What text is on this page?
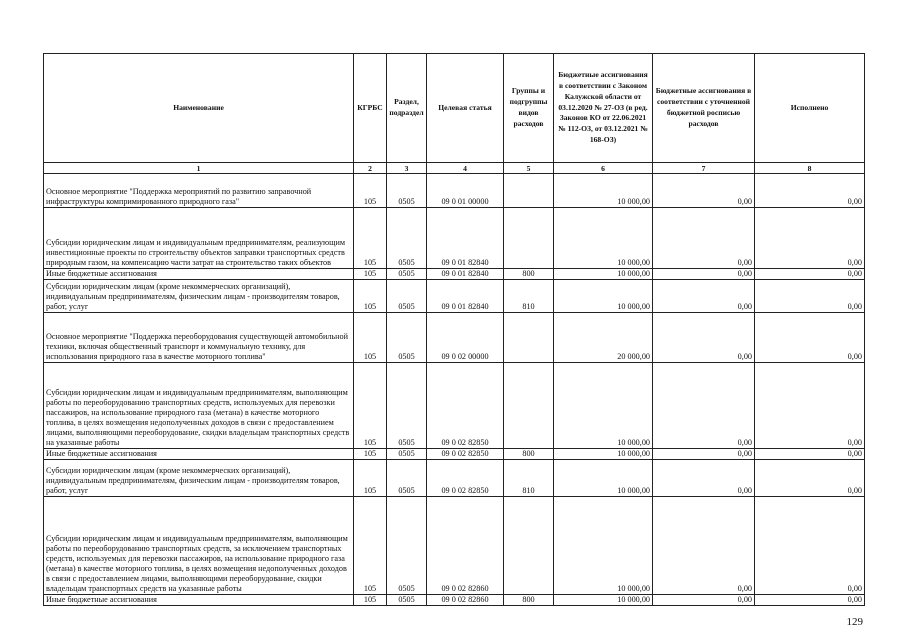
Наименование	КГРБС	Раздел, подраздел	Целевая статья	Группы и подгруппы видов расходов	Бюджетные ассигнования в соответствии с Законом Калужской области от 03.12.2020 № 27-ОЗ (в ред. Законов КО от 22.06.2021 № 112-ОЗ, от 03.12.2021 № 168-ОЗ)	Бюджетные ассигнования в соответствии с уточненной бюджетной росписью расходов	Исполнено
1	2	3	4	5	6	7	8
Основное мероприятие "Поддержка мероприятий по развитию заправочной инфраструктуры компримированного природного газа"	105	0505	09 0 01 00000		10 000,00	0,00	0,00
Субсидии юридическим лицам и индивидуальным предпринимателям, реализующим инвестиционные проекты по строительству объектов заправки транспортных средств природным газом, на компенсацию части затрат на строительство таких объектов	105	0505	09 0 01 82840		10 000,00	0,00	0,00
Иные бюджетные ассигнования	105	0505	09 0 01 82840	800	10 000,00	0,00	0,00
Субсидии юридическим лицам (кроме некоммерческих организаций), индивидуальным предпринимателям, физическим лицам - производителям товаров, работ, услуг	105	0505	09 0 01 82840	810	10 000,00	0,00	0,00
Основное мероприятие "Поддержка переоборудования существующей автомобильной техники, включая общественный транспорт и коммунальную технику, для использования природного газа в качестве моторного топлива"	105	0505	09 0 02 00000		20 000,00	0,00	0,00
Субсидии юридическим лицам и индивидуальным предпринимателям, выполняющим работы по переоборудованию транспортных средств, используемых для перевозки пассажиров, на использование природного газа (метана) в качестве моторного топлива, в целях возмещения недополученных доходов в связи с предоставлением лицами, выполняющими переоборудование, скидки владельцам транспортных средств на указанные работы	105	0505	09 0 02 82850		10 000,00	0,00	0,00
Иные бюджетные ассигнования	105	0505	09 0 02 82850	800	10 000,00	0,00	0,00
Субсидии юридическим лицам (кроме некоммерческих организаций), индивидуальным предпринимателям, физическим лицам - производителям товаров, работ, услуг	105	0505	09 0 02 82850	810	10 000,00	0,00	0,00
Субсидии юридическим лицам и индивидуальным предпринимателям, выполняющим работы по переоборудованию транспортных средств, за исключением транспортных средств, используемых для перевозки пассажиров, на использование природного газа (метана) в качестве моторного топлива, в целях возмещения недополученных доходов в связи с предоставлением лицами, выполняющими переоборудование, скидки владельцам транспортных средств на указанные работы	105	0505	09 0 02 82860		10 000,00	0,00	0,00
Иные бюджетные ассигнования	105	0505	09 0 02 82860	800	10 000,00	0,00	0,00
129
